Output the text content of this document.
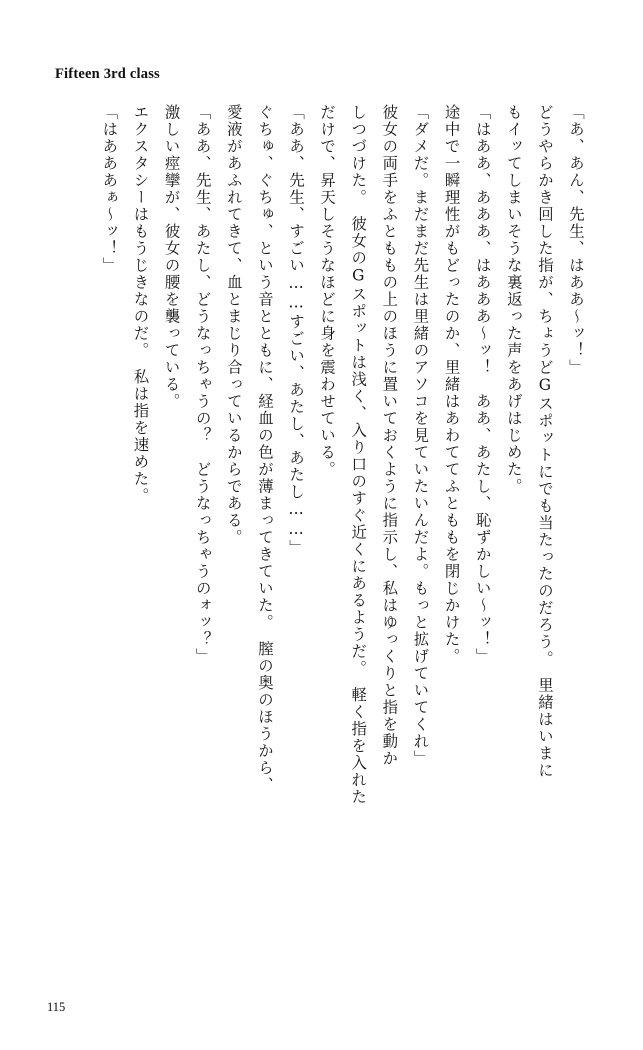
Fifteen 3rd class

「あ、あん、先生、はああ〜ッ！」

どうやらかき回した指が、ちょうどGスポットにでも当たったのだろう。　里緒はいまに

もイッてしまいそうな裏返った声をあげはじめた。

「はああ、あああ、はあああ〜ッ！　ああ、あたし、恥ずかしい〜ッ！」

途中で一瞬理性がもどったのか、里緒はあわててふとももを閉じかけた。

「ダメだ。まだまだ先生は里緒のアソコを見ていたいんだよ。もっと拡げていてくれ」

彼女の両手をふとももの上のほうに置いておくように指示し、私はゆっくりと指を動か

しつづけた。　彼女のGスポットは浅く、入り口のすぐ近くにあるようだ。　軽く指を入れた

だけで、昇天しそうなほどに身を震わせている。

「ああ、先生、すごい……すごい、あたし、あたし……」

ぐちゅ、ぐちゅ、という音とともに、経血の色が薄まってきていた。　膣の奥のほうから、

愛液があふれてきて、血とまじり合っているからである。

「ああ、先生、あたし、どうなっちゃうの？　どうなっちゃうのォッ？」

激しい痙攣が、彼女の腰を襲っている。

エクスタシーはもうじきなのだ。　私は指を速めた。

「はあああぁ〜ッ！」

115
